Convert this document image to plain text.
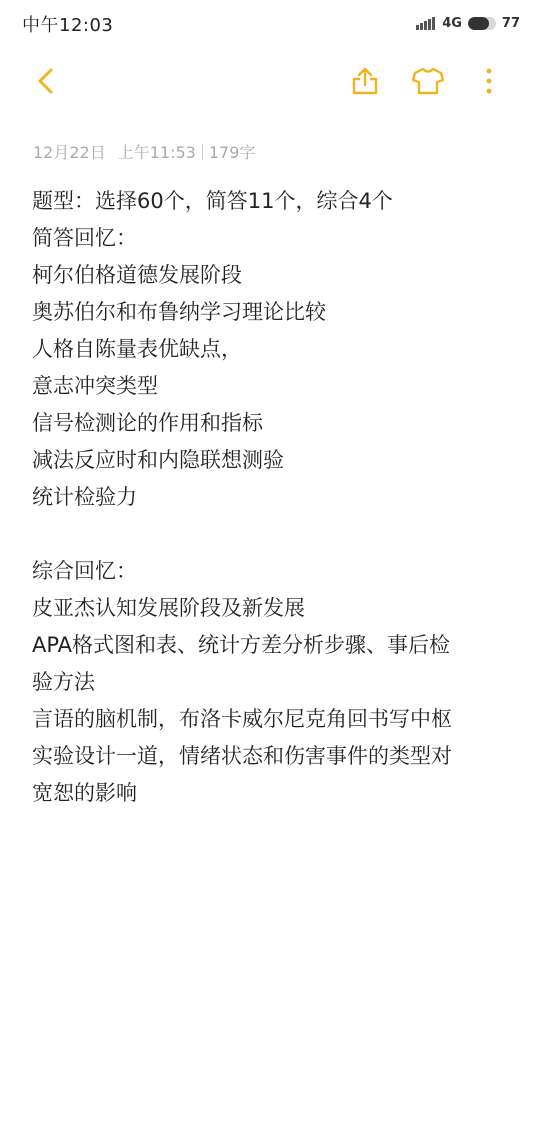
中午12:03	4G	77
12月22日 上午11:53 179字
题型：选择60个，简答11个，综合4个
简答回忆：
柯尔伯格道德发展阶段
奥苏伯尔和布鲁纳学习理论比较
人格自陈量表优缺点，
意志冲突类型
信号检测论的作用和指标
减法反应时和内隐联想测验
统计检验力
综合回忆：
皮亚杰认知发展阶段及新发展
APA格式图和表、统计方差分析步骤、事后检
验方法
言语的脑机制，布洛卡威尔尼克角回书写中枢
实验设计一道，情绪状态和伤害事件的类型对
宽恕的影响
